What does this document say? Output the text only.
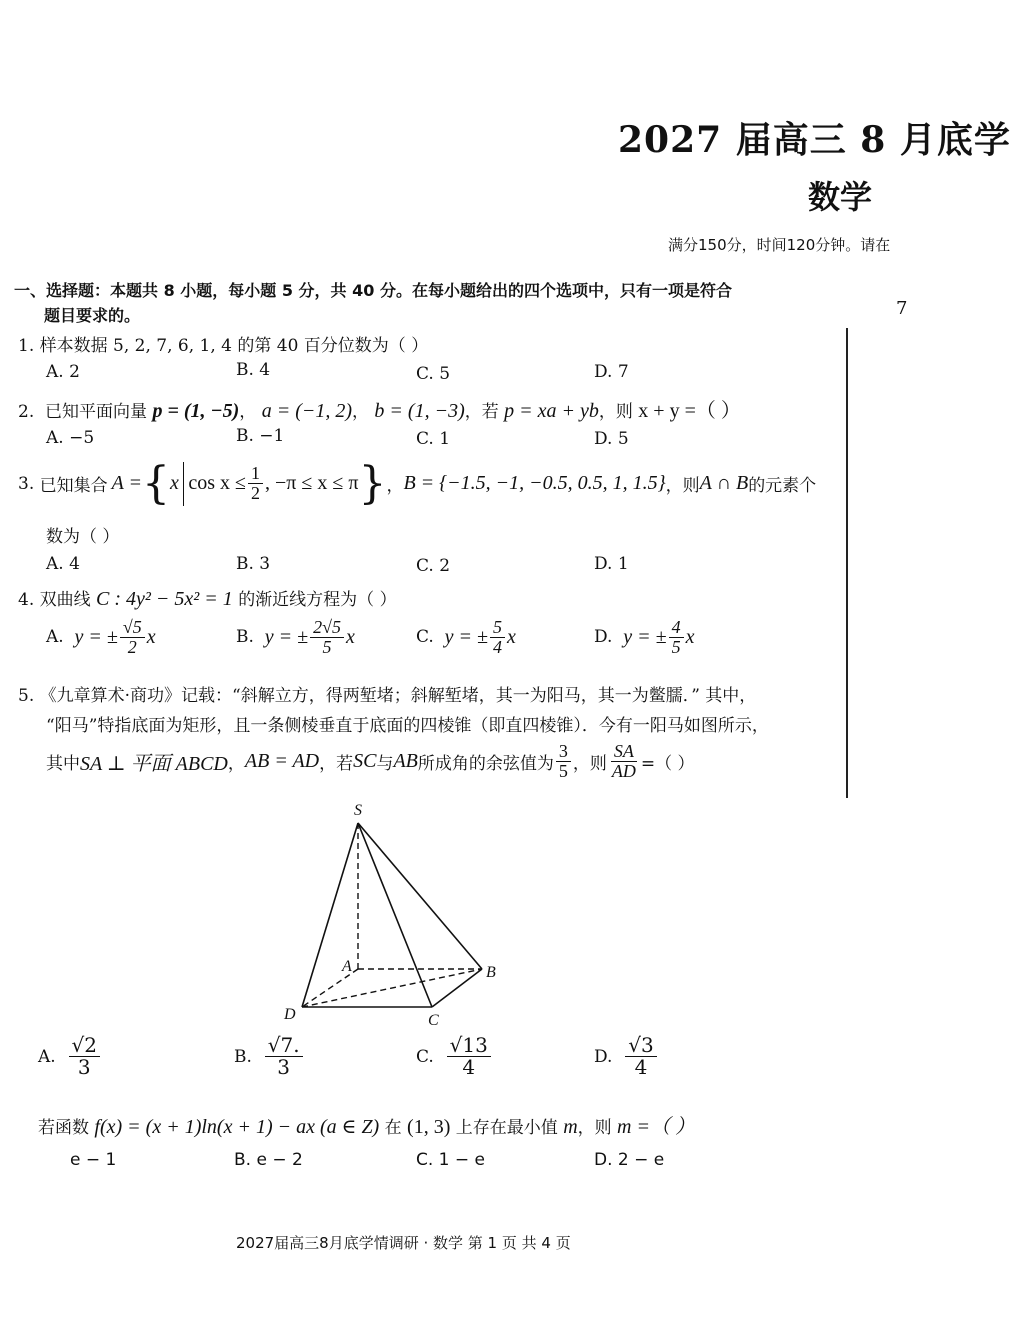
2027 届高三 8 月底学
数学
满分150分，时间120分钟。请在
7
一、选择题：本题共 8 小题，每小题 5 分，共 40 分。在每小题给出的四个选项中，只有一项是符合
题目要求的。
1. 样本数据 5, 2, 7, 6, 1, 4 的第 40 百分位数为（ ）
A. 2	B. 4	C. 5	D. 7
2. 已知平面向量 p = (1, −5)， a = (−1, 2)， b = (1, −3)，若 p = xa + yb，则 x + y =（ ）
A. −5	B. −1	C. 1	D. 5
3.
已知集合 A = { x $\cos x \le \frac{1}{2}$ , −π ≤ x ≤ π } ， B = {−1.5, −1, −0.5, 0.5, 1, 1.5} ，则 A ∩ B 的元素个
数为（ ）
A. 4	B. 3	C. 2	D. 1
4. 双曲线 C : 4y² − 5x² = 1 的渐近线方程为（ ）
A.
y = ± $\frac{√5}{2}$ x	B.
y = ± $\frac{2√5}{5}$ x	C.
y = ± $\frac{5}{4}$ x	D.
y = ± $\frac{4}{5}$ x
5. 《九章算术·商功》记载：“斜解立方，得两堑堵；斜解堑堵，其一为阳马，其一为鳖臑．” 其中，
“阳马”特指底面为矩形，且一条侧棱垂直于底面的四棱锥（即直四棱锥）．今有一阳马如图所示，
其中 SA ⊥ 平面 ABCD ， AB = AD ，若 SC 与 AB 所成角的余弦值为 $\frac{3}{5}$ ，则 $\frac{SA}{AD}$ =（ ）
S
A	B
C
D
A.
$\frac{√2}{3}$	B.
$\frac{√7.}{3}$	C.
$\frac{√13}{4}$	D.
$\frac{√3}{4}$
若函数 f(x) = (x + 1)ln(x + 1) − ax (a ∈ Z) 在 (1, 3) 上存在最小值 m，则 m =（ ）
e − 1	B. e − 2	C. 1 − e	D. 2 − e
2027届高三8月底学情调研 · 数学 第 1 页 共 4 页
